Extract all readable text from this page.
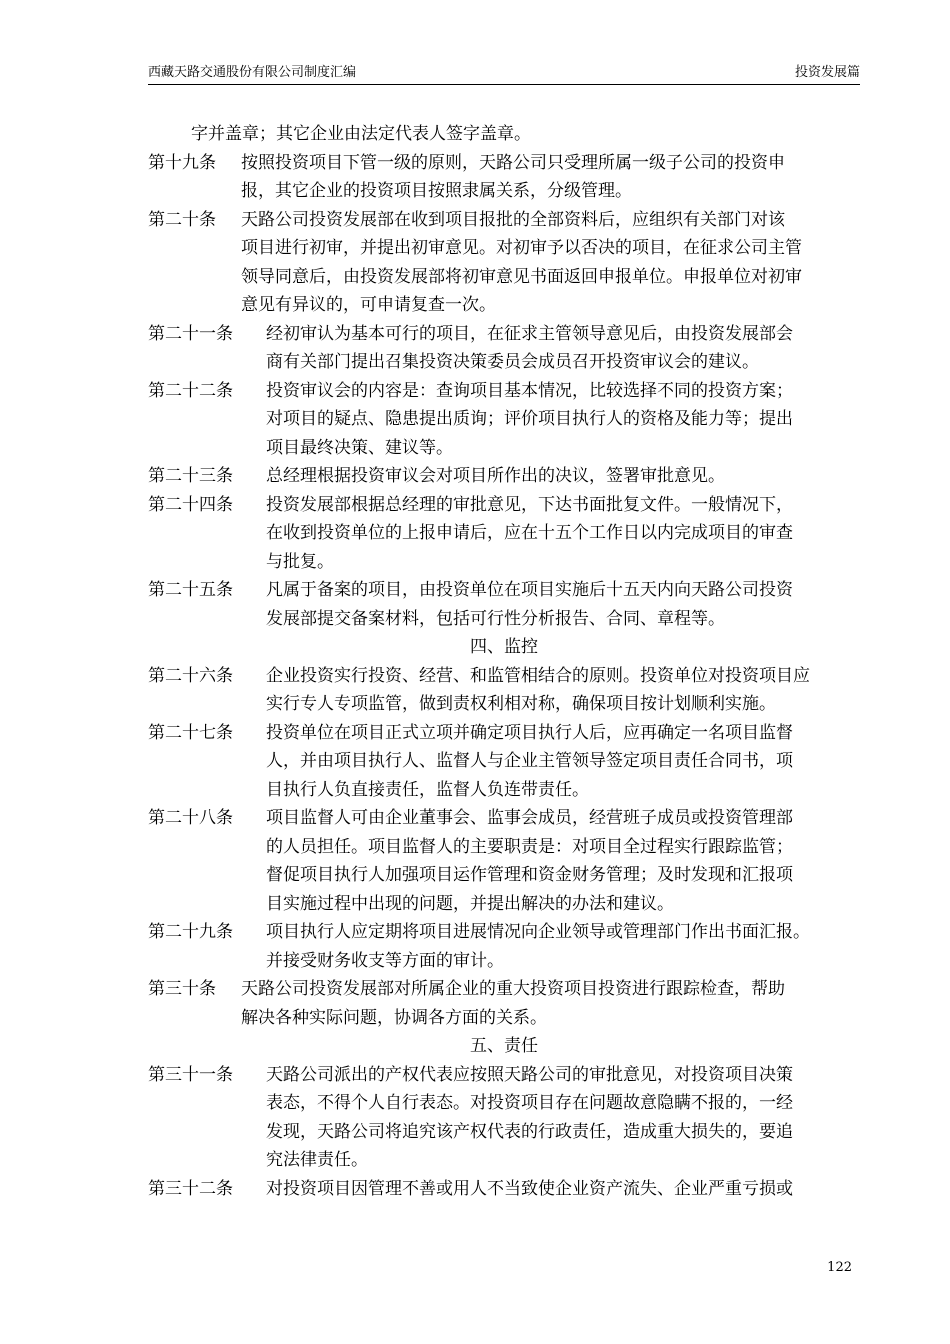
西藏天路交通股份有限公司制度汇编	投资发展篇

字并盖章；其它企业由法定代表人签字盖章。

第十九条	按照投资项目下管一级的原则，天路公司只受理所属一级子公司的投资申
报，其它企业的投资项目按照隶属关系，分级管理。
第二十条	天路公司投资发展部在收到项目报批的全部资料后，应组织有关部门对该
项目进行初审，并提出初审意见。对初审予以否决的项目，在征求公司主管
领导同意后，由投资发展部将初审意见书面返回申报单位。申报单位对初审
意见有异议的，可申请复查一次。
第二十一条	经初审认为基本可行的项目，在征求主管领导意见后，由投资发展部会
商有关部门提出召集投资决策委员会成员召开投资审议会的建议。
第二十二条	投资审议会的内容是：查询项目基本情况，比较选择不同的投资方案；
对项目的疑点、隐患提出质询；评价项目执行人的资格及能力等；提出
项目最终决策、建议等。
第二十三条	总经理根据投资审议会对项目所作出的决议，签署审批意见。
第二十四条	投资发展部根据总经理的审批意见，下达书面批复文件。一般情况下，
在收到投资单位的上报申请后，应在十五个工作日以内完成项目的审查
与批复。
第二十五条	凡属于备案的项目，由投资单位在项目实施后十五天内向天路公司投资
发展部提交备案材料，包括可行性分析报告、合同、章程等。

四、监控

第二十六条	企业投资实行投资、经营、和监管相结合的原则。投资单位对投资项目应
实行专人专项监管，做到责权利相对称，确保项目按计划顺利实施。
第二十七条	投资单位在项目正式立项并确定项目执行人后，应再确定一名项目监督
人，并由项目执行人、监督人与企业主管领导签定项目责任合同书，项
目执行人负直接责任，监督人负连带责任。
第二十八条	项目监督人可由企业董事会、监事会成员，经营班子成员或投资管理部
的人员担任。项目监督人的主要职责是：对项目全过程实行跟踪监管；
督促项目执行人加强项目运作管理和资金财务管理；及时发现和汇报项
目实施过程中出现的问题，并提出解决的办法和建议。
第二十九条	项目执行人应定期将项目进展情况向企业领导或管理部门作出书面汇报。
并接受财务收支等方面的审计。
第三十条	天路公司投资发展部对所属企业的重大投资项目投资进行跟踪检查，帮助
解决各种实际问题，协调各方面的关系。

五、责任

第三十一条	天路公司派出的产权代表应按照天路公司的审批意见，对投资项目决策
表态，不得个人自行表态。对投资项目存在问题故意隐瞒不报的，一经
发现，天路公司将追究该产权代表的行政责任，造成重大损失的，要追
究法律责任。
第三十二条	对投资项目因管理不善或用人不当致使企业资产流失、企业严重亏损或
122
